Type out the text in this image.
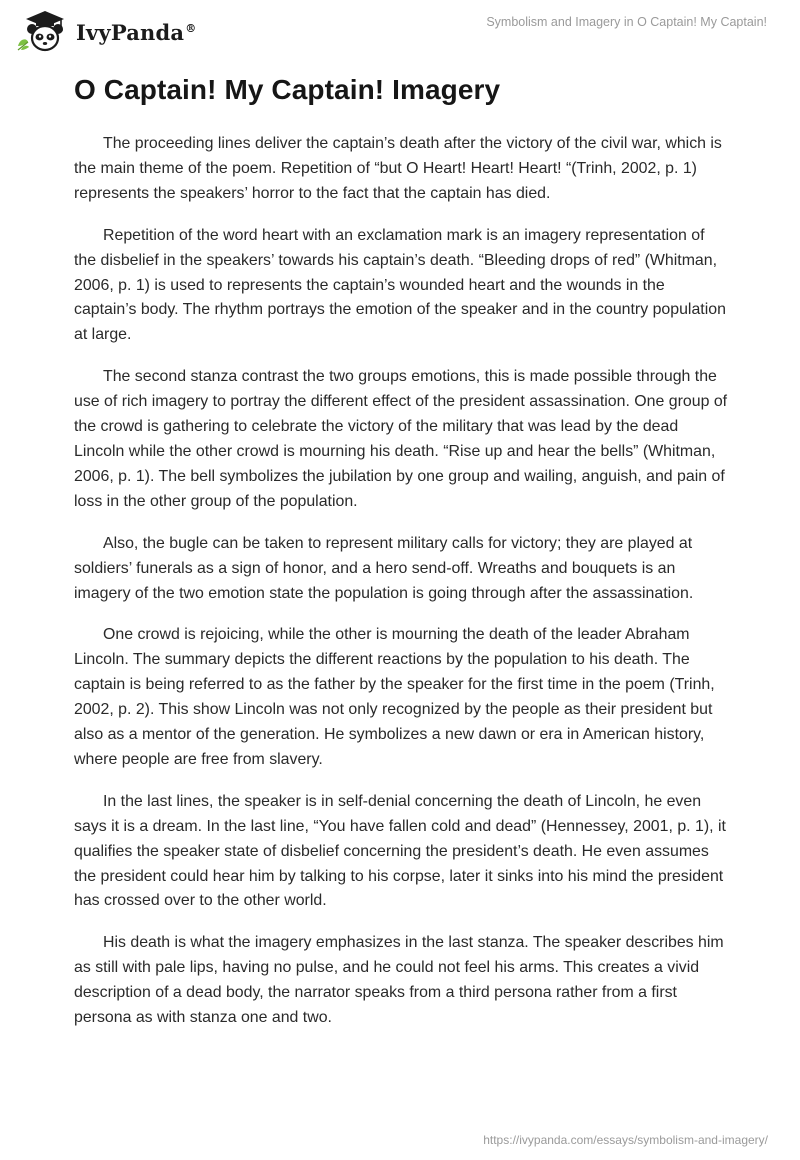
IvyPanda®	Symbolism and Imagery in O Captain! My Captain!
O Captain! My Captain! Imagery

The proceeding lines deliver the captain’s death after the victory of the civil war, which is the main theme of the poem. Repetition of “but O Heart! Heart! Heart! “(Trinh, 2002, p. 1) represents the speakers’ horror to the fact that the captain has died.

Repetition of the word heart with an exclamation mark is an imagery representation of the disbelief in the speakers’ towards his captain’s death. “Bleeding drops of red” (Whitman, 2006, p. 1) is used to represents the captain’s wounded heart and the wounds in the captain’s body. The rhythm portrays the emotion of the speaker and in the country population at large.

The second stanza contrast the two groups emotions, this is made possible through the use of rich imagery to portray the different effect of the president assassination. One group of the crowd is gathering to celebrate the victory of the military that was lead by the dead Lincoln while the other crowd is mourning his death. “Rise up and hear the bells” (Whitman, 2006, p. 1). The bell symbolizes the jubilation by one group and wailing, anguish, and pain of loss in the other group of the population.

Also, the bugle can be taken to represent military calls for victory; they are played at soldiers’ funerals as a sign of honor, and a hero send-off. Wreaths and bouquets is an imagery of the two emotion state the population is going through after the assassination.

One crowd is rejoicing, while the other is mourning the death of the leader Abraham Lincoln. The summary depicts the different reactions by the population to his death. The captain is being referred to as the father by the speaker for the first time in the poem (Trinh, 2002, p. 2). This show Lincoln was not only recognized by the people as their president but also as a mentor of the generation. He symbolizes a new dawn or era in American history, where people are free from slavery.

In the last lines, the speaker is in self-denial concerning the death of Lincoln, he even says it is a dream. In the last line, “You have fallen cold and dead” (Hennessey, 2001, p. 1), it qualifies the speaker state of disbelief concerning the president’s death. He even assumes the president could hear him by talking to his corpse, later it sinks into his mind the president has crossed over to the other world.

His death is what the imagery emphasizes in the last stanza. The speaker describes him as still with pale lips, having no pulse, and he could not feel his arms. This creates a vivid description of a dead body, the narrator speaks from a third persona rather from a first persona as with stanza one and two.

https://ivypanda.com/essays/symbolism-and-imagery/
